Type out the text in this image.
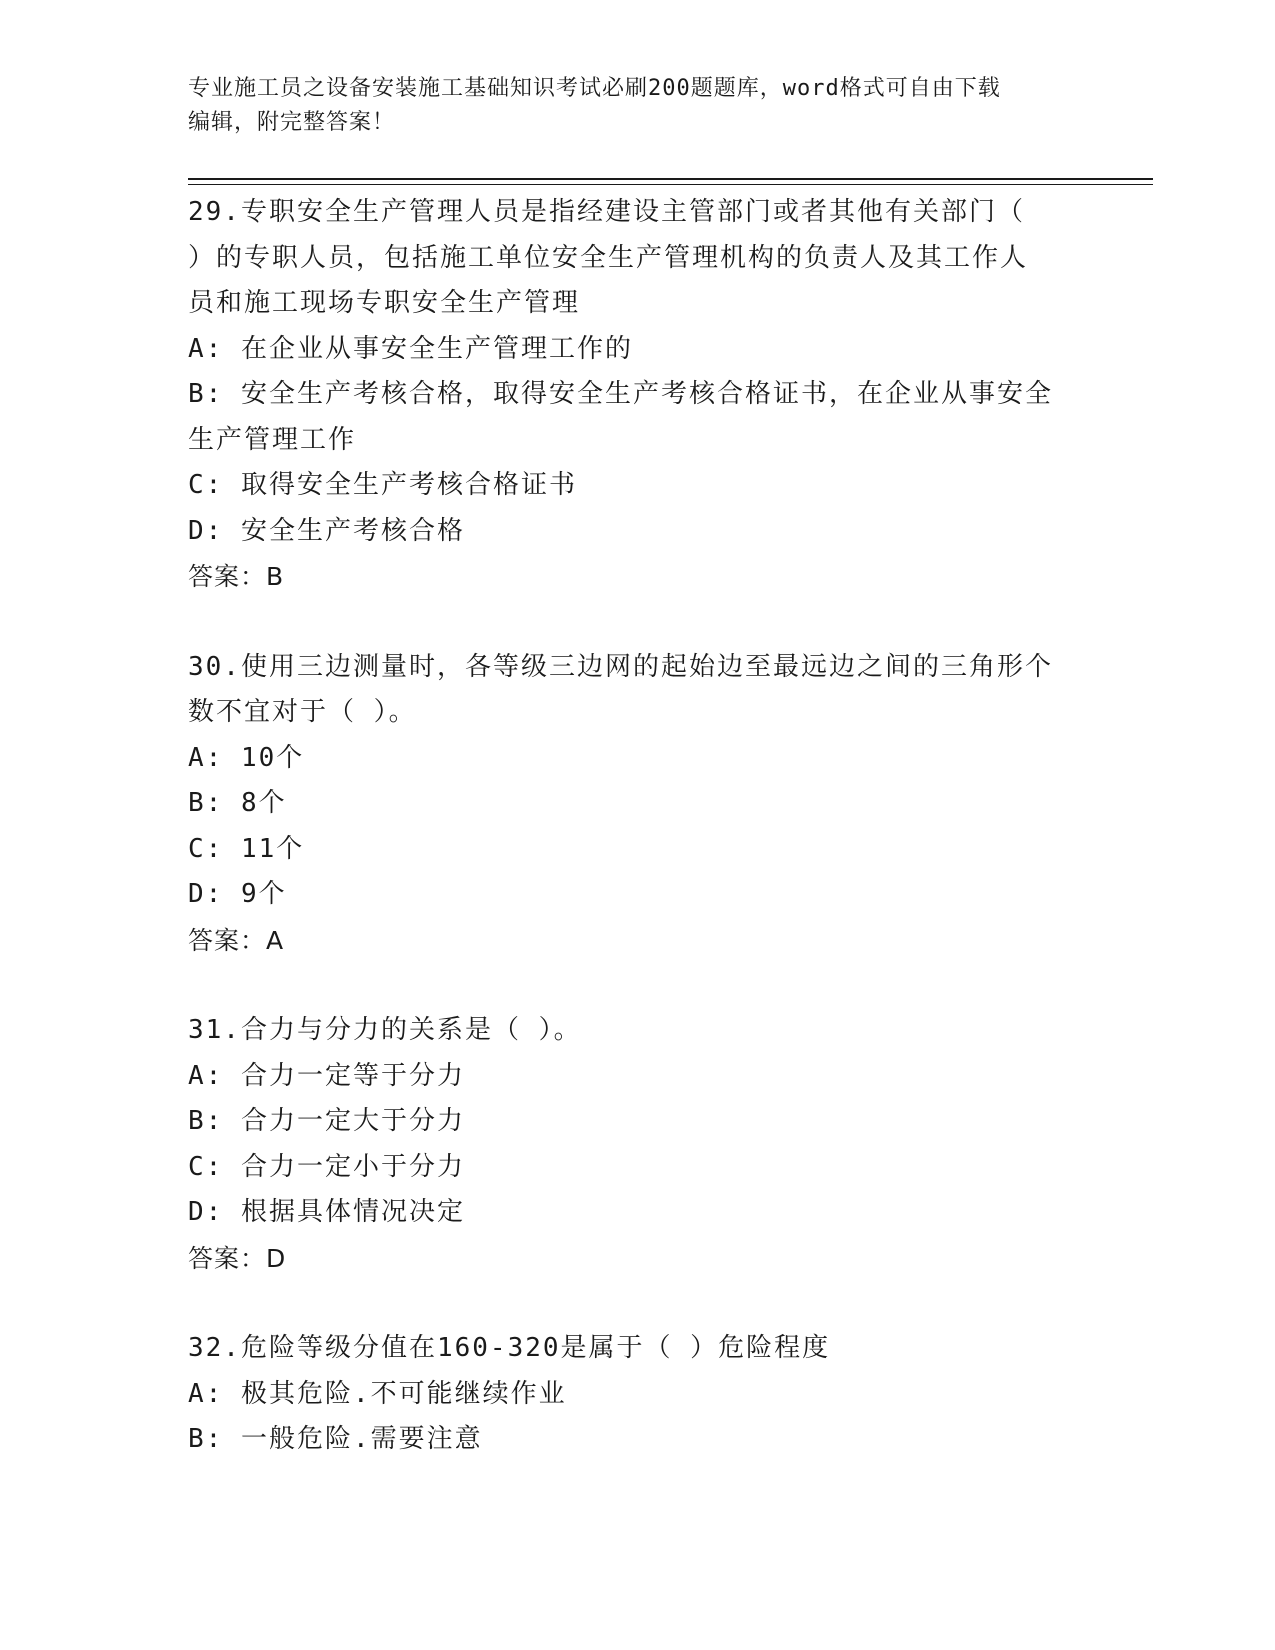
专业施工员之设备安装施工基础知识考试必刷200题题库，word格式可自由下载
编辑，附完整答案！
29.专职安全生产管理人员是指经建设主管部门或者其他有关部门（
）的专职人员，包括施工单位安全生产管理机构的负责人及其工作人
员和施工现场专职安全生产管理
A: 在企业从事安全生产管理工作的
B: 安全生产考核合格，取得安全生产考核合格证书，在企业从事安全
生产管理工作
C: 取得安全生产考核合格证书
D: 安全生产考核合格
答案：B
30.使用三边测量时，各等级三边网的起始边至最远边之间的三角形个
数不宜对于（ ）。
A: 10个
B: 8个
C: 11个
D: 9个
答案：A
31.合力与分力的关系是（ ）。
A: 合力一定等于分力
B: 合力一定大于分力
C: 合力一定小于分力
D: 根据具体情况决定
答案：D
32.危险等级分值在160-320是属于（ ）危险程度
A: 极其危险.不可能继续作业
B: 一般危险.需要注意
